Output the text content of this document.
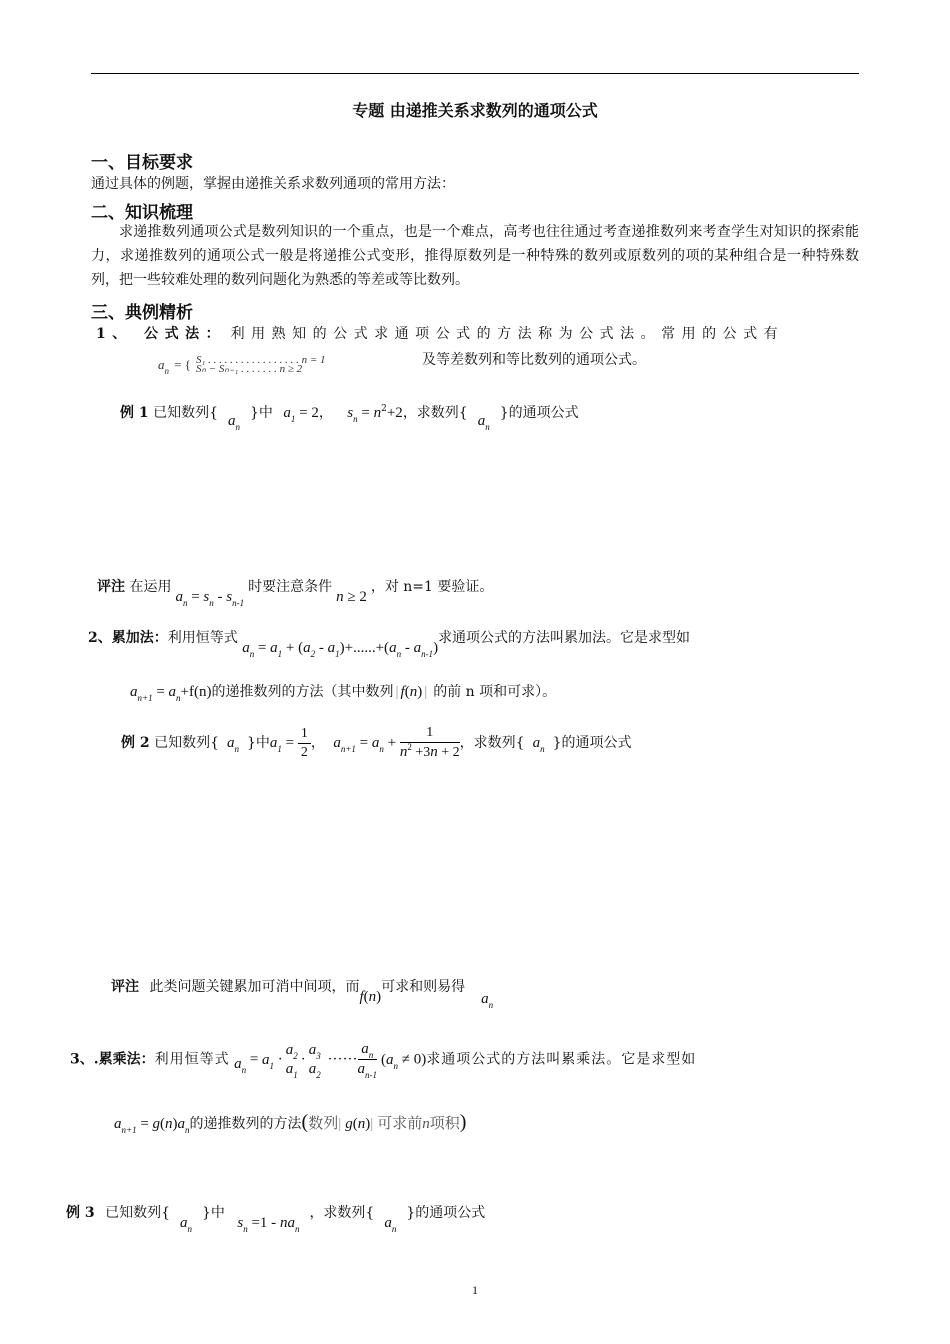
专题 由递推关系求数列的通项公式
一、目标要求
通过具体的例题，掌握由递推关系求数列通项的常用方法：
二、知识梳理
求递推数列通项公式是数列知识的一个重点，也是一个难点，高考也往往通过考查递推数列来考查学生对知识的探索能力，求递推数列的通项公式一般是将递推公式变形，推得原数列是一种特殊的数列或原数列的项的某种组合是一种特殊数列，把一些较难处理的数列问题化为熟悉的等差或等比数列。
三、典例精析
1、 公式法： 利用熟知的公式求通项公式的方法称为公式法。常用的公式有
$a_n$ = { S₁ . . . . . . . . . . . . . . . . . n = 1
Sₙ − Sₙ₋₁ . . . . . . . n ≥ 2
及等差数列和等比数列的通项公式。
例 1 已知数列{ $a_n$}中 $a_1 = 2$， $s_n = n^2+2$，求数列{ $a_n$}的通项公式
评注 在运用$a_n = s_n - s_{n-1}$时要注意条件n ≥ 2，对 n=1 要验证。
2、累加法：利用恒等式 $a_n = a_1 + (a_2 - a_1)+......+(a_n - a_{n-1})$求通项公式的方法叫累加法。它是求型如
$a_{n+1} = a_n+f(n)$的递推数列的方法（其中数列 | f(n) | 的前 n 项和可求）。
例 2 已知数列{ $a_n$ }中$a_1 = \frac{1}{2}$ ， $a_{n+1} = a_n + \frac{1}{n^2 +3n + 2}$ ，求数列{ $a_n$ }的通项公式
评注 此类问题关键累加可消中间项，而f(n)可求和则易得$a_n$
3、.累乘法：利用恒等式 $a_n = a_1$ ·
$a_2$
$a_1$
·
$a_3$
$a_2$
······ $\frac{a_n}{a_{n-1}} (a_n \ne 0)$求通项公式的方法叫累乘法。它是求型如
$a_{n+1} = g(n)a_n$的递推数列的方法(数列| g(n)| 可求前n项积)
例 3 已知数列$\{a_n\}$中 $s_n =1 - na_n$，求数列$\{a_n\}$的通项公式
1
